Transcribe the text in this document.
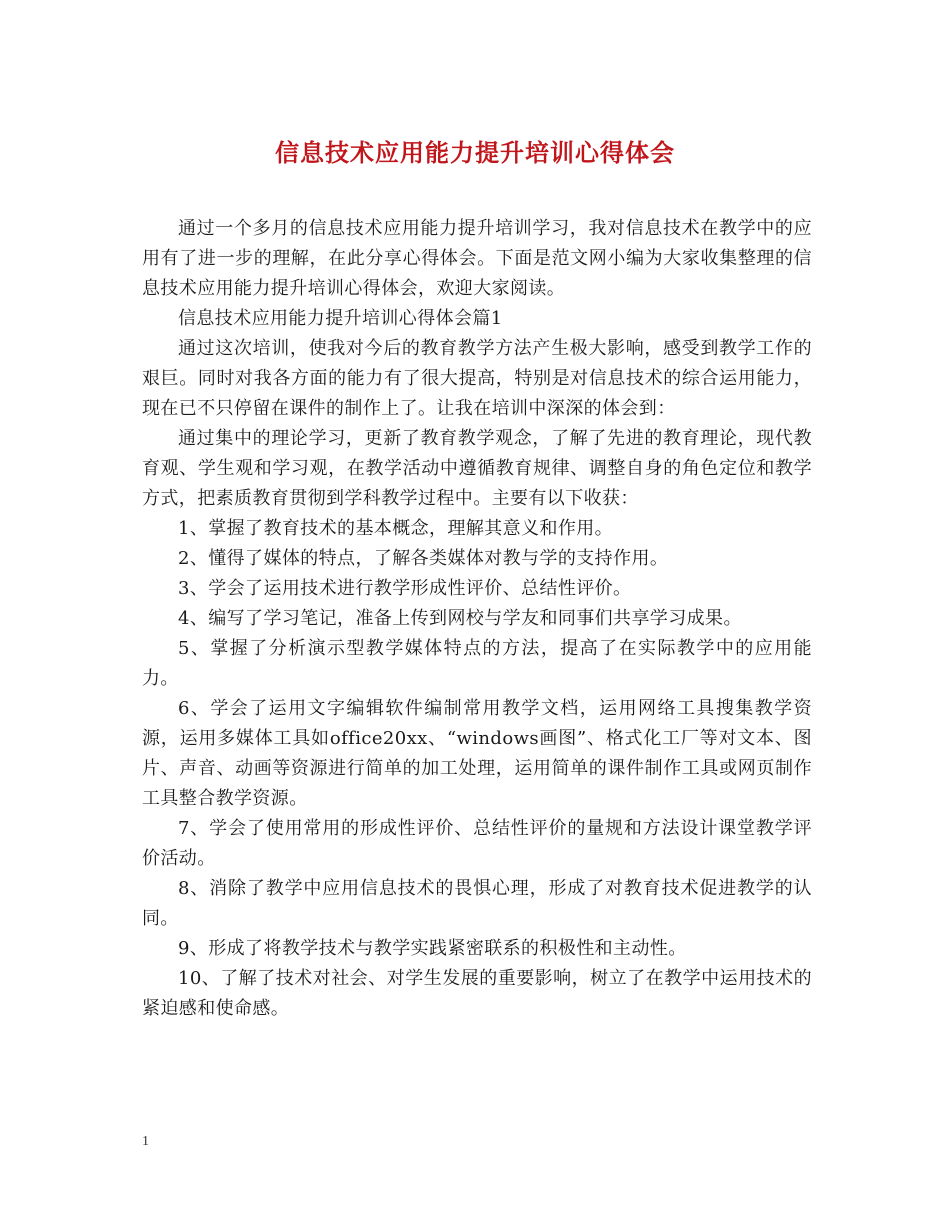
信息技术应用能力提升培训心得体会

通过一个多月的信息技术应用能力提升培训学习，我对信息技术在教学中的应用有了进一步的理解，在此分享心得体会。下面是范文网小编为大家收集整理的信息技术应用能力提升培训心得体会，欢迎大家阅读。

信息技术应用能力提升培训心得体会篇1

通过这次培训，使我对今后的教育教学方法产生极大影响，感受到教学工作的艰巨。同时对我各方面的能力有了很大提高，特别是对信息技术的综合运用能力，现在已不只停留在课件的制作上了。让我在培训中深深的体会到：

通过集中的理论学习，更新了教育教学观念，了解了先进的教育理论，现代教育观、学生观和学习观，在教学活动中遵循教育规律、调整自身的角色定位和教学方式，把素质教育贯彻到学科教学过程中。主要有以下收获：

1、掌握了教育技术的基本概念，理解其意义和作用。

2、懂得了媒体的特点，了解各类媒体对教与学的支持作用。

3、学会了运用技术进行教学形成性评价、总结性评价。

4、编写了学习笔记，准备上传到网校与学友和同事们共享学习成果。

5、掌握了分析演示型教学媒体特点的方法，提高了在实际教学中的应用能力。

6、学会了运用文字编辑软件编制常用教学文档，运用网络工具搜集教学资源，运用多媒体工具如office20xx、“windows画图”、格式化工厂等对文本、图片、声音、动画等资源进行简单的加工处理，运用简单的课件制作工具或网页制作工具整合教学资源。

7、学会了使用常用的形成性评价、总结性评价的量规和方法设计课堂教学评价活动。

8、消除了教学中应用信息技术的畏惧心理，形成了对教育技术促进教学的认同。

9、形成了将教学技术与教学实践紧密联系的积极性和主动性。

10、了解了技术对社会、对学生发展的重要影响，树立了在教学中运用技术的紧迫感和使命感。

1
